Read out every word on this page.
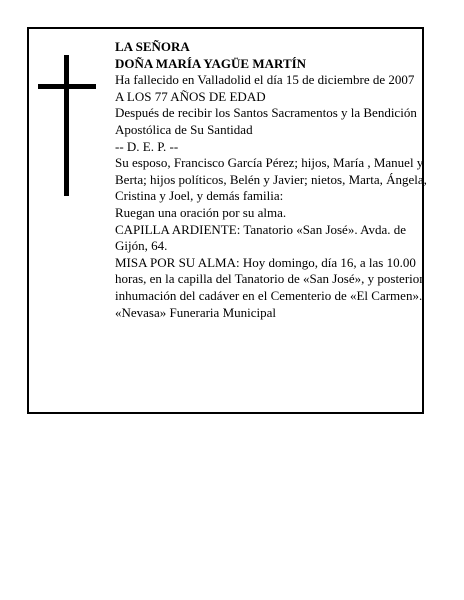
LA SEÑORA

DOÑA MARÍA YAGÜE MARTÍN

Ha fallecido en Valladolid el día 15 de diciembre de 2007

A LOS 77 AÑOS DE EDAD

Después de recibir los Santos Sacramentos y la Bendición Apostólica de Su Santidad

-- D. E. P. --

Su esposo, Francisco García Pérez; hijos, María , Manuel y Berta; hijos políticos, Belén y Javier; nietos, Marta, Ángela, Cristina y Joel, y demás familia:

Ruegan una oración por su alma.

CAPILLA ARDIENTE: Tanatorio «San José». Avda. de Gijón, 64.

MISA POR SU ALMA: Hoy domingo, día 16, a las 10.00 horas, en la capilla del Tanatorio de «San José», y posterior inhumación del cadáver en el Cementerio de «El Carmen».

«Nevasa» Funeraria Municipal
